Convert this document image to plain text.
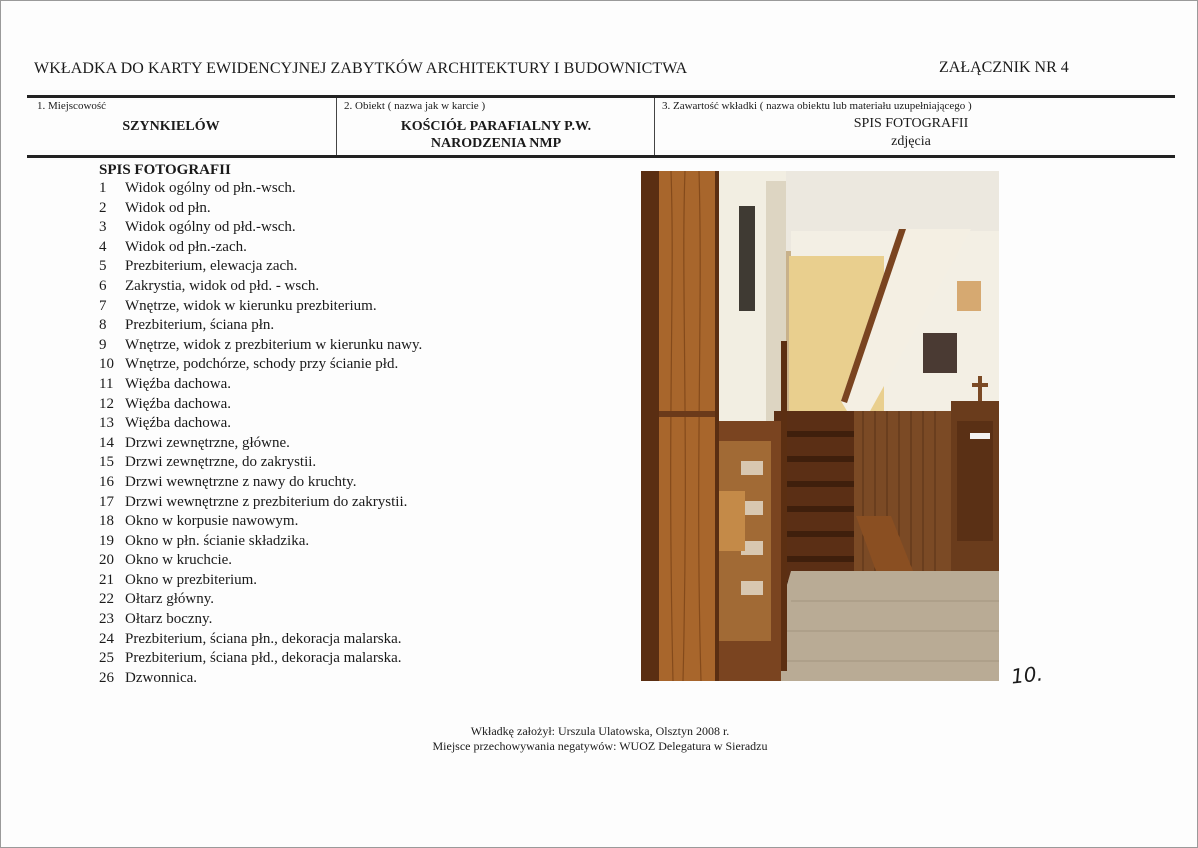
WKŁADKA DO KARTY EWIDENCYJNEJ ZABYTKÓW ARCHITEKTURY I BUDOWNICTWA	ZAŁĄCZNIK NR 4
1. Miejscowość
SZYNKIELÓW
2. Obiekt ( nazwa jak w karcie )
KOŚCIÓŁ PARAFIALNY P.W.
NARODZENIA NMP
3. Zawartość wkładki ( nazwa obiektu lub materiału uzupełniającego )
SPIS FOTOGRAFII
zdjęcia
SPIS FOTOGRAFII
1 Widok ogólny od płn.-wsch.
2 Widok od płn.
3 Widok ogólny od płd.-wsch.
4 Widok od płn.-zach.
5 Prezbiterium, elewacja zach.
6 Zakrystia, widok od płd. - wsch.
7 Wnętrze, widok w kierunku prezbiterium.
8 Prezbiterium, ściana płn.
9 Wnętrze, widok z prezbiterium w kierunku nawy.
10 Wnętrze, podchórze, schody przy ścianie płd.
11 Więźba dachowa.
12 Więźba dachowa.
13 Więźba dachowa.
14 Drzwi zewnętrzne, główne.
15 Drzwi zewnętrzne, do zakrystii.
16 Drzwi wewnętrzne z nawy do kruchty.
17 Drzwi wewnętrzne z prezbiterium do zakrystii.
18 Okno w korpusie nawowym.
19 Okno w płn. ścianie składzika.
20 Okno w kruchcie.
21 Okno w prezbiterium.
22 Ołtarz główny.
23 Ołtarz boczny.
24 Prezbiterium, ściana płn., dekoracja malarska.
25 Prezbiterium, ściana płd., dekoracja malarska.
26 Dzwonnica.	10.
Wkładkę założył: Urszula Ulatowska, Olsztyn 2008 r.
Miejsce przechowywania negatywów: WUOZ Delegatura w Sieradzu
